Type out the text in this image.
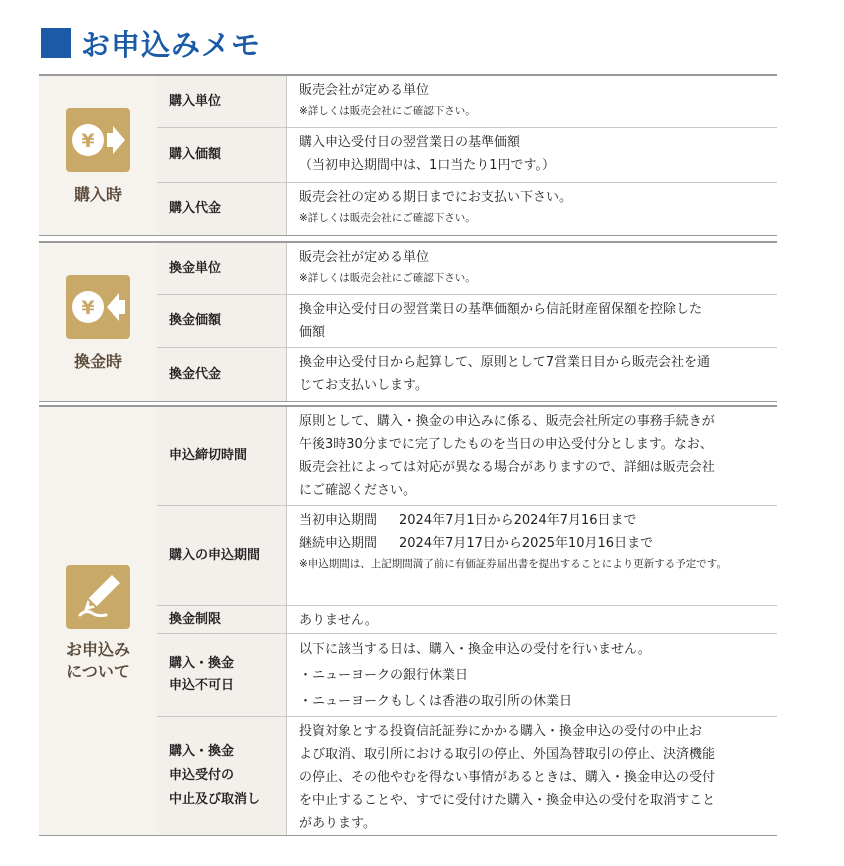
お申込みメモ
¥
購入時
購入単位
販売会社が定める単位
※詳しくは販売会社にご確認下さい。
購入価額
購入申込受付日の翌営業日の基準価額
（当初申込期間中は、1口当たり1円です。）
購入代金
販売会社の定める期日までにお支払い下さい。
※詳しくは販売会社にご確認下さい。
¥
換金時
換金単位
販売会社が定める単位
※詳しくは販売会社にご確認下さい。
換金価額
換金申込受付日の翌営業日の基準価額から信託財産留保額を控除した
価額
換金代金
換金申込受付日から起算して、原則として7営業日目から販売会社を通
じてお支払いします。
お申込み
について
申込締切時間
原則として、購入・換金の申込みに係る、販売会社所定の事務手続きが
午後3時30分までに完了したものを当日の申込受付分とします。なお、
販売会社によっては対応が異なる場合がありますので、詳細は販売会社
にご確認ください。
購入の申込期間
当初申込期間 2024年7月1日から2024年7月16日まで
継続申込期間 2024年7月17日から2025年10月16日まで
※申込期間は、上記期間満了前に有価証券届出書を提出することにより更新する予定です。
換金制限	ありません。
購入・換金
申込不可日
以下に該当する日は、購入・換金申込の受付を行いません。
・ニューヨークの銀行休業日
・ニューヨークもしくは香港の取引所の休業日
購入・換金
申込受付の
中止及び取消し
投資対象とする投資信託証券にかかる購入・換金申込の受付の中止お
よび取消、取引所における取引の停止、外国為替取引の停止、決済機能
の停止、その他やむを得ない事情があるときは、購入・換金申込の受付
を中止することや、すでに受付けた購入・換金申込の受付を取消すこと
があります。
